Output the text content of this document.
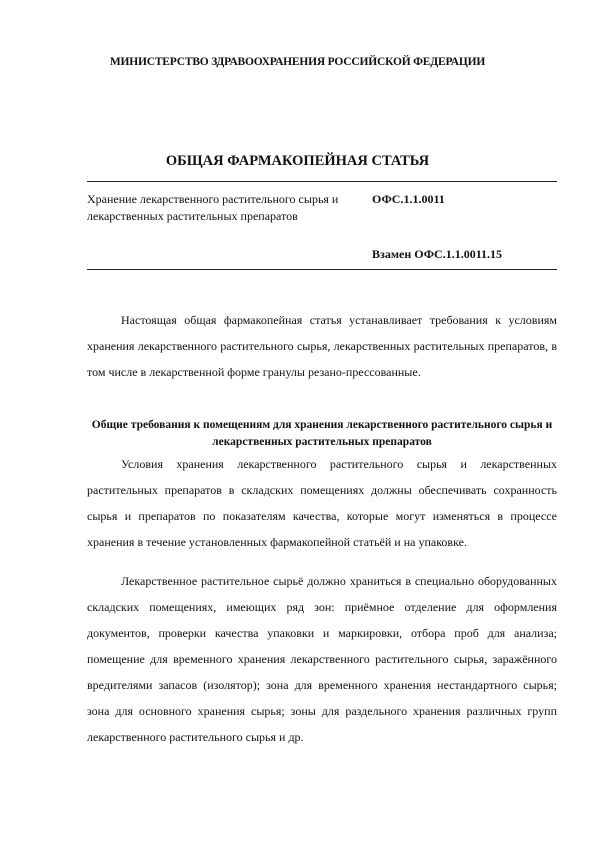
МИНИСТЕРСТВО ЗДРАВООХРАНЕНИЯ РОССИЙСКОЙ ФЕДЕРАЦИИ
ОБЩАЯ ФАРМАКОПЕЙНАЯ СТАТЬЯ
Хранение лекарственного растительного сырья и лекарственных растительных препаратов
ОФС.1.1.0011
Взамен ОФС.1.1.0011.15

Настоящая общая фармакопейная статья устанавливает требования к условиям хранения лекарственного растительного сырья, лекарственных растительных препаратов, в том числе в лекарственной форме гранулы резано-прессованные.

Общие требования к помещениям для хранения лекарственного растительного сырья и лекарственных растительных препаратов

Условия хранения лекарственного растительного сырья и лекарственных растительных препаратов в складских помещениях должны обеспечивать сохранность сырья и препаратов по показателям качества, которые могут изменяться в процессе хранения в течение установленных фармакопейной статьёй и на упаковке.

Лекарственное растительное сырьё должно храниться в специально оборудованных складских помещениях, имеющих ряд зон: приёмное отделение для оформления документов, проверки качества упаковки и маркировки, отбора проб для анализа; помещение для временного хранения лекарственного растительного сырья, заражённого вредителями запасов (изолятор); зона для временного хранения нестандартного сырья; зона для основного хранения сырья; зоны для раздельного хранения различных групп лекарственного растительного сырья и др.
